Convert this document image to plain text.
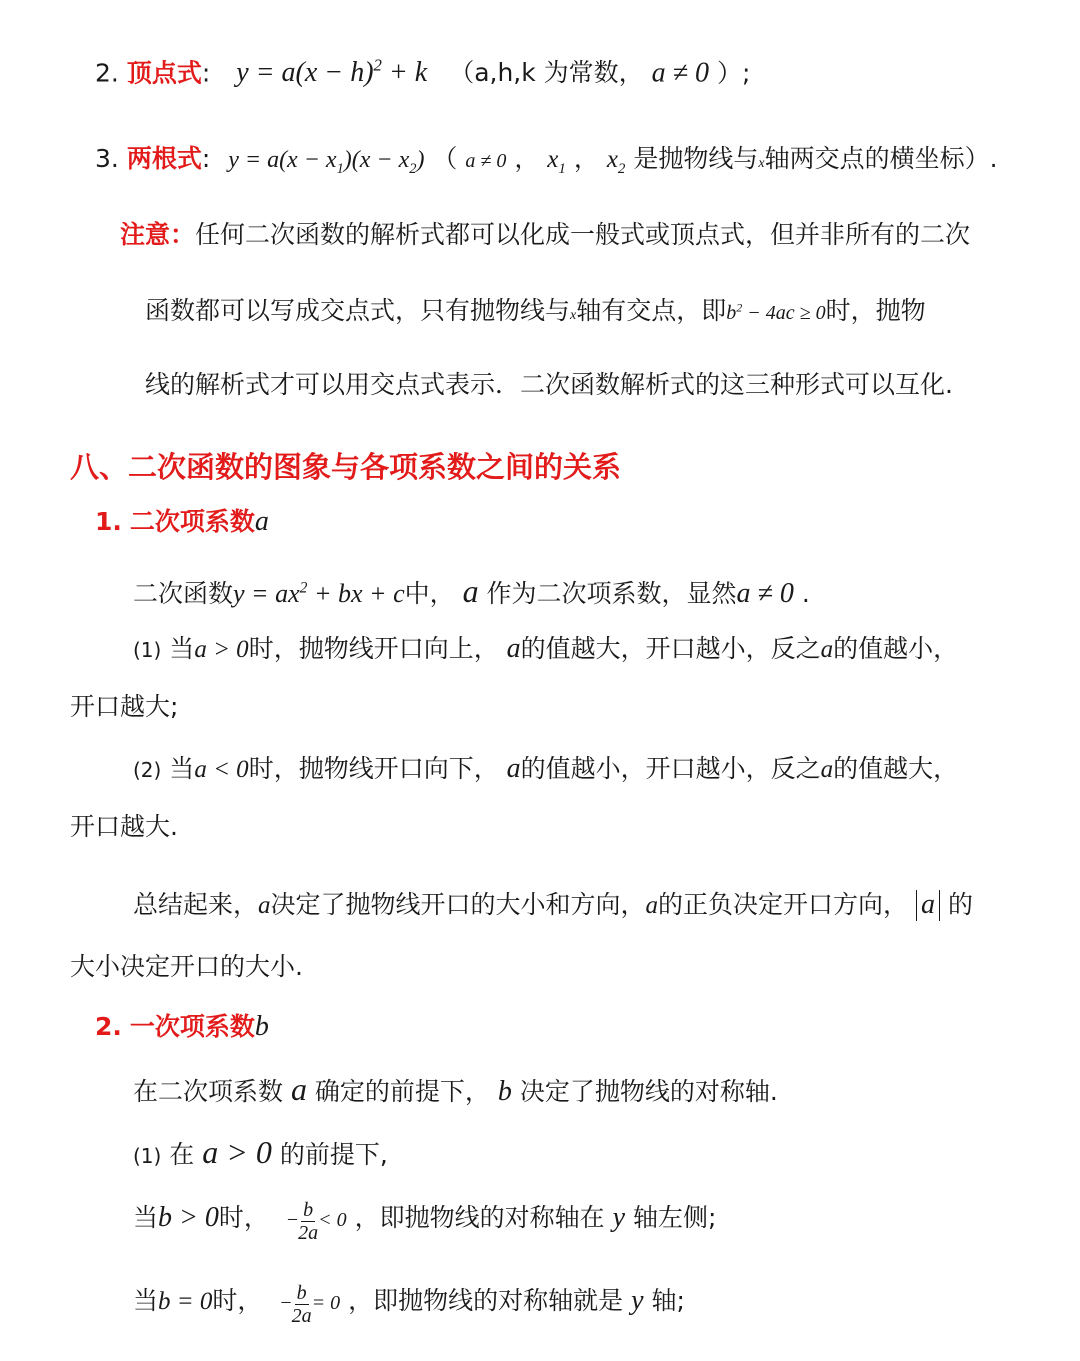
2. 顶点式: $y = a(x - h)^2 + k$ （a,h,k 为常数， a ≠ 0 ）;
3. 两根式: $y = a(x - x_1)(x - x_2)$ （ a ≠ 0 ， $x_1$ ， $x_2$ 是抛物线与x轴两交点的横坐标）.
注意：任何二次函数的解析式都可以化成一般式或顶点式，但并非所有的二次
函数都可以写成交点式，只有抛物线与x轴有交点，即$b^2 - 4ac \ge 0$时，抛物
线的解析式才可以用交点式表示．二次函数解析式的这三种形式可以互化.
八、二次函数的图象与各项系数之间的关系
1. 二次项系数a
二次函数$y = ax^2$ + bx + c中， a 作为二次项系数，显然a ≠ 0 .
(1) 当a > 0时，抛物线开口向上， a的值越大，开口越小，反之a的值越小，
开口越大;
(2) 当a < 0时，抛物线开口向下， a的值越小，开口越小，反之a的值越大，
开口越大.
总结起来，a决定了抛物线开口的大小和方向，a的正负决定开口方向， a 的
大小决定开口的大小.
2. 一次项系数b
在二次项系数 a 确定的前提下， b 决定了抛物线的对称轴.
(1) 在 a > 0 的前提下,
当b > 0时， − $\frac{b}{2a} < 0$ ，即抛物线的对称轴在 y 轴左侧;
当b = 0时， − $\frac{b}{2a} = 0$ ，即抛物线的对称轴就是 y 轴;
